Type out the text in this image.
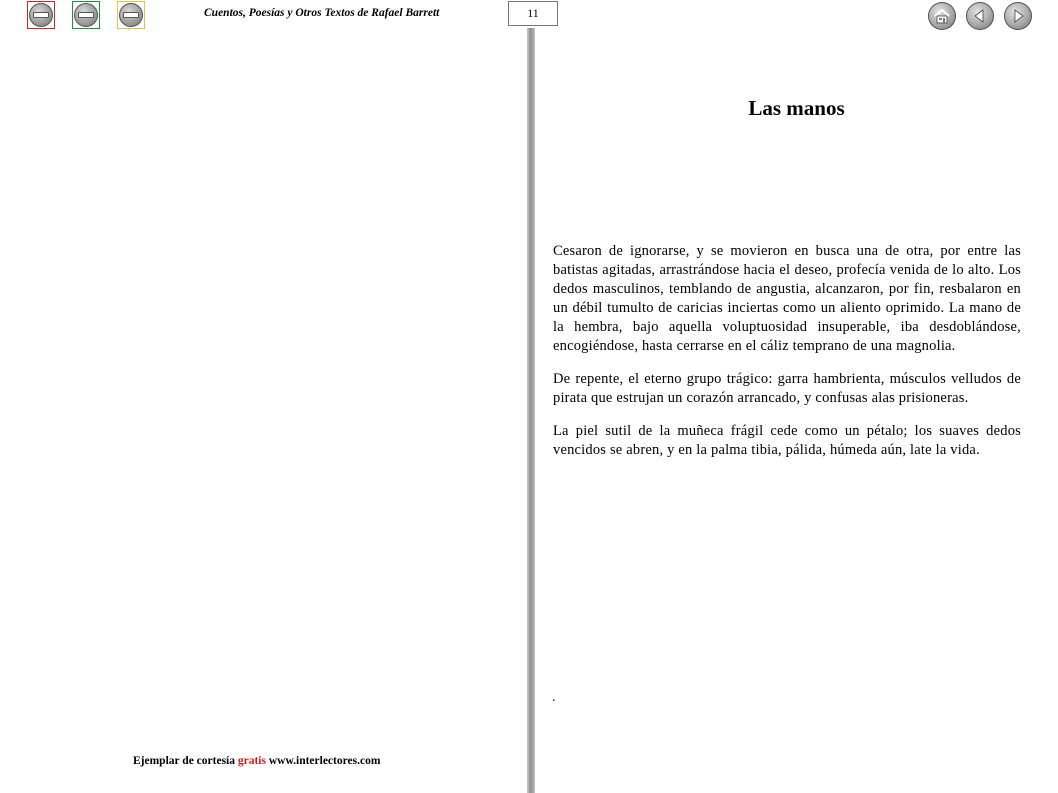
Cuentos, Poesías y Otros Textos de Rafael Barrett	11
Las manos

Cesaron de ignorarse, y se movieron en busca una de otra, por entre las batistas agitadas, arrastrándose hacia el deseo, profecía venida de lo alto. Los dedos masculinos, temblando de angustia, alcanzaron, por fin, resbalaron en un débil tumulto de caricias inciertas como un aliento oprimido. La mano de la hembra, bajo aquella voluptuosidad insuperable, iba desdoblándose, encogiéndose, hasta cerrarse en el cáliz temprano de una magnolia.

De repente, el eterno grupo trágico: garra hambrienta, músculos velludos de pirata que estrujan un corazón arrancado, y confusas alas prisioneras.

La piel sutil de la muñeca frágil cede como un pétalo; los suaves dedos vencidos se abren, y en la palma tibia, pálida, húmeda aún, late la vida.

.
Ejemplar de cortesía gratis www.interlectores.com
